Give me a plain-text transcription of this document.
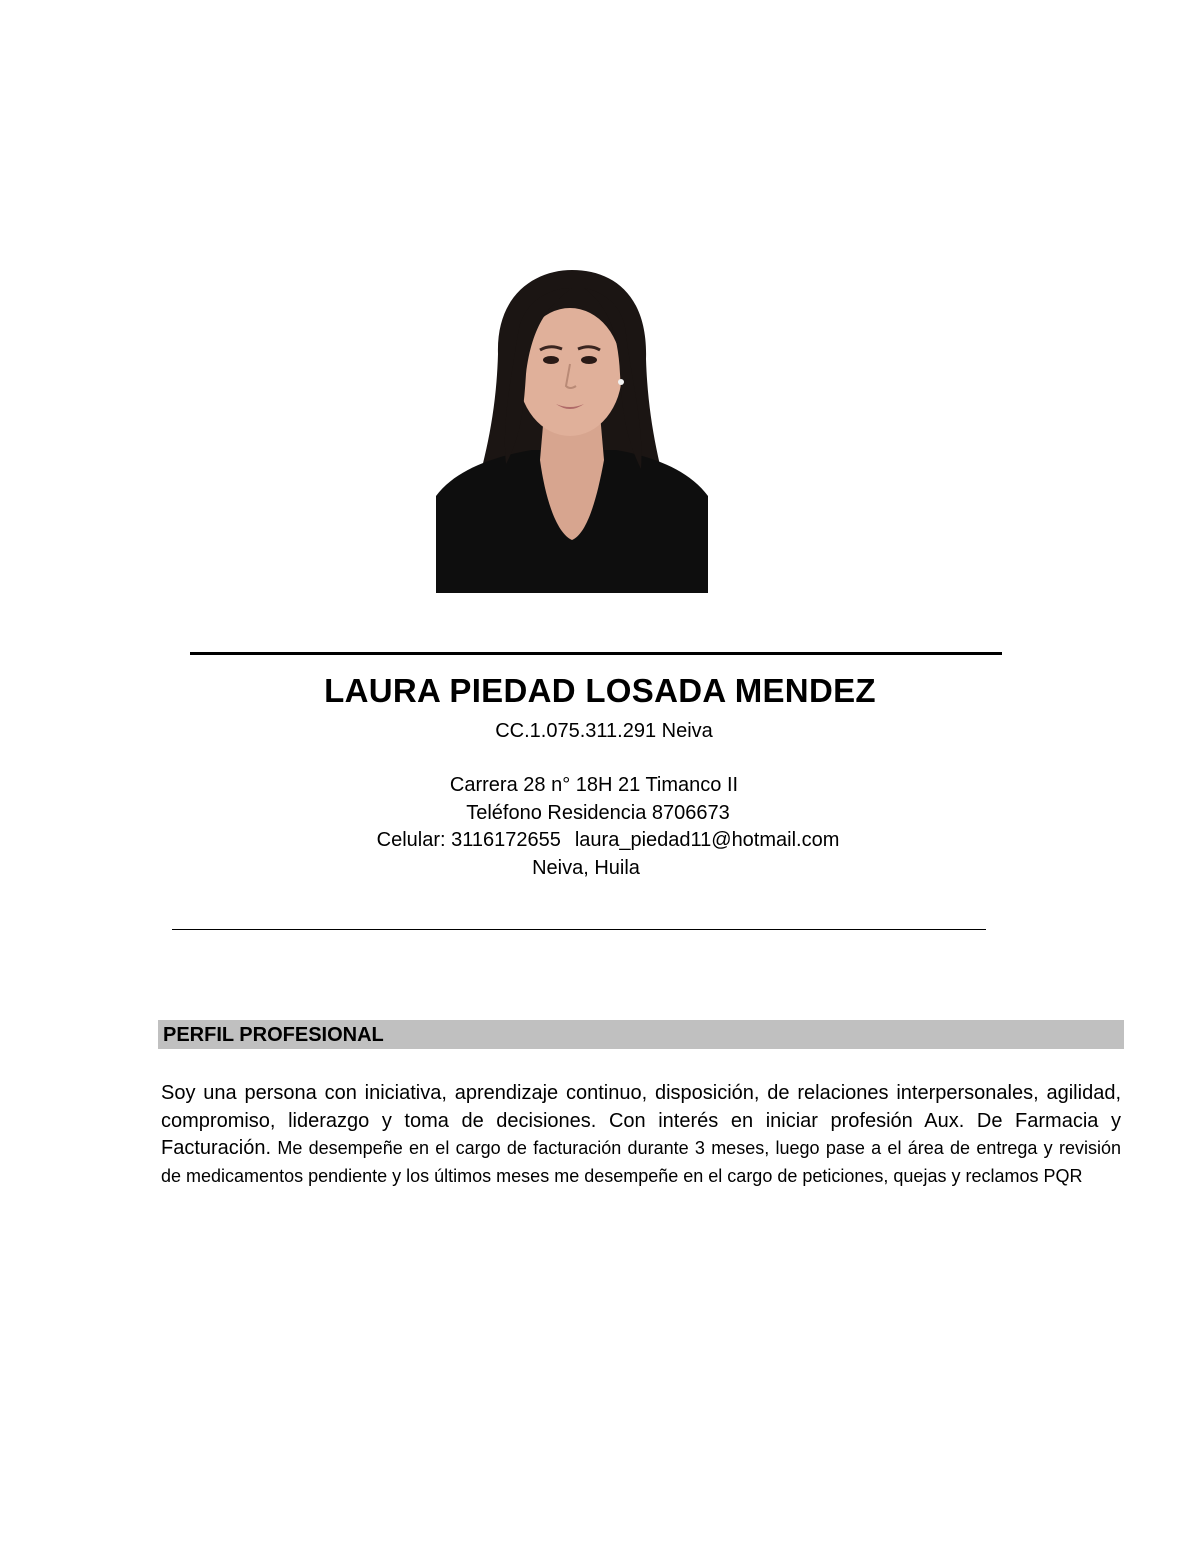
LAURA PIEDAD LOSADA MENDEZ
CC.1.075.311.291 Neiva
Carrera 28 n° 18H 21 Timanco II
Teléfono Residencia 8706673
Celular: 3116172655 laura_piedad11@hotmail.com
Neiva, Huila
PERFIL PROFESIONAL
Soy una persona con iniciativa, aprendizaje continuo, disposición, de relaciones interpersonales, agilidad, compromiso, liderazgo y toma de decisiones. Con interés en iniciar profesión Aux. De Farmacia y Facturación. Me desempeñe en el cargo de facturación durante 3 meses, luego pase a el área de entrega y revisión de medicamentos pendiente y los últimos meses me desempeñe en el cargo de peticiones, quejas y reclamos PQR
